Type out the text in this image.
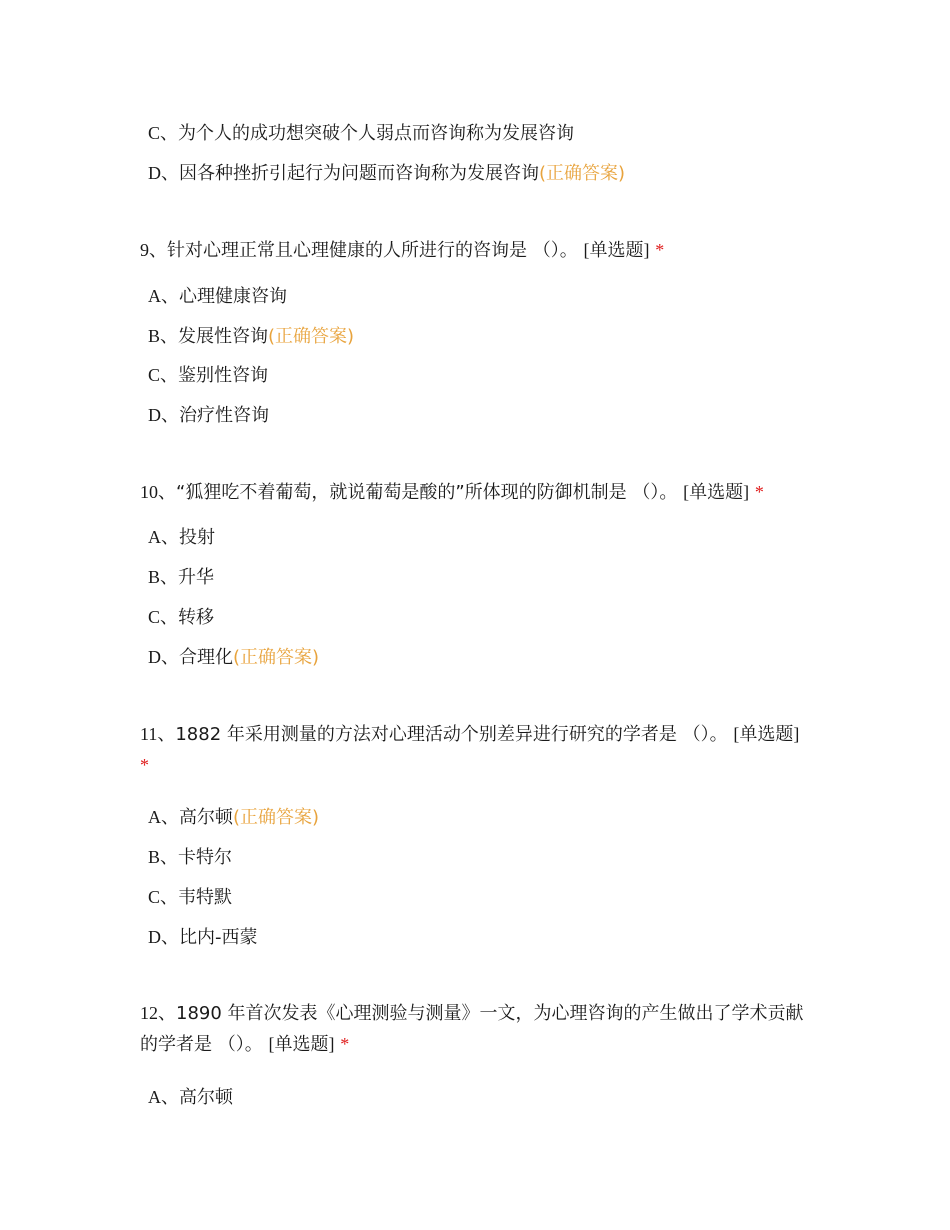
C、为个人的成功想突破个人弱点而咨询称为发展咨询
D、因各种挫折引起行为问题而咨询称为发展咨询(正确答案)
9、针对心理正常且心理健康的人所进行的咨询是 （）。 [单选题] *
A、心理健康咨询
B、发展性咨询(正确答案)
C、鉴别性咨询
D、治疗性咨询
10、“狐狸吃不着葡萄，就说葡萄是酸的”所体现的防御机制是 （）。 [单选题] *
A、投射
B、升华
C、转移
D、合理化(正确答案)
11、1882 年采用测量的方法对心理活动个别差异进行研究的学者是 （）。 [单选题] *
A、高尔顿(正确答案)
B、卡特尔
C、韦特默
D、比内-西蒙
12、1890 年首次发表《心理测验与测量》一文，为心理咨询的产生做出了学术贡献的学者是 （）。 [单选题] *
A、高尔顿
